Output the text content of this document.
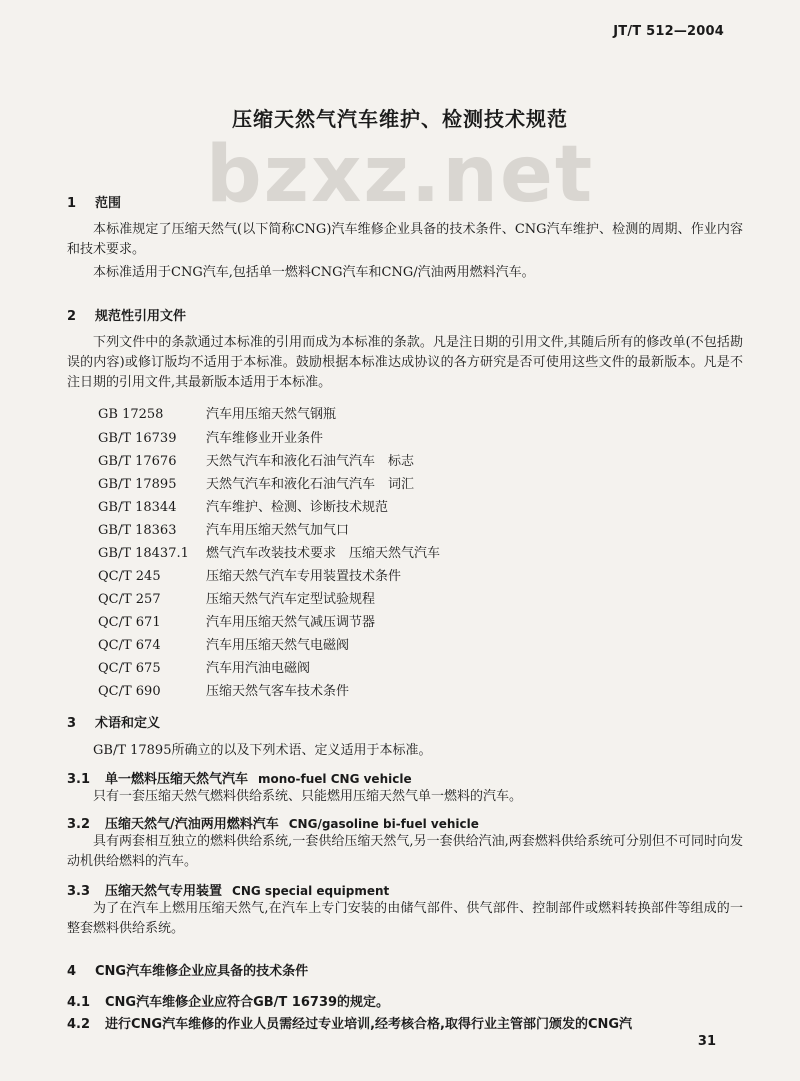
JT/T 512—2004
bzxz.net
压缩天然气汽车维护、检测技术规范
1 范围
本标准规定了压缩天然气(以下简称CNG)汽车维修企业具备的技术条件、CNG汽车维护、检测的周期、作业内容和技术要求。
本标准适用于CNG汽车,包括单一燃料CNG汽车和CNG/汽油两用燃料汽车。
2 规范性引用文件
下列文件中的条款通过本标准的引用而成为本标准的条款。凡是注日期的引用文件,其随后所有的修改单(不包括勘误的内容)或修订版均不适用于本标准。鼓励根据本标准达成协议的各方研究是否可使用这些文件的最新版本。凡是不注日期的引用文件,其最新版本适用于本标准。
GB 17258	汽车用压缩天然气钢瓶
GB/T 16739 汽车维修业开业条件
GB/T 17676 天然气汽车和液化石油气汽车　标志
GB/T 17895 天然气汽车和液化石油气汽车　词汇
GB/T 18344 汽车维护、检测、诊断技术规范
GB/T 18363 汽车用压缩天然气加气口
GB/T 18437.1 燃气汽车改装技术要求　压缩天然气汽车
QC/T 245	压缩天然气汽车专用装置技术条件
QC/T 257	压缩天然气汽车定型试验规程
QC/T 671	汽车用压缩天然气减压调节器
QC/T 674	汽车用压缩天然气电磁阀
QC/T 675	汽车用汽油电磁阀
QC/T 690	压缩天然气客车技术条件
3 术语和定义
GB/T 17895所确立的以及下列术语、定义适用于本标准。
3.1 单一燃料压缩天然气汽车 mono-fuel CNG vehicle
只有一套压缩天然气燃料供给系统、只能燃用压缩天然气单一燃料的汽车。
3.2 压缩天然气/汽油两用燃料汽车 CNG/gasoline bi-fuel vehicle
具有两套相互独立的燃料供给系统,一套供给压缩天然气,另一套供给汽油,两套燃料供给系统可分别但不可同时向发动机供给燃料的汽车。
3.3 压缩天然气专用装置 CNG special equipment
为了在汽车上燃用压缩天然气,在汽车上专门安装的由储气部件、供气部件、控制部件或燃料转换部件等组成的一整套燃料供给系统。
4 CNG汽车维修企业应具备的技术条件
4.1 CNG汽车维修企业应符合GB/T 16739的规定。
4.2 进行CNG汽车维修的作业人员需经过专业培训,经考核合格,取得行业主管部门颁发的CNG汽
31
